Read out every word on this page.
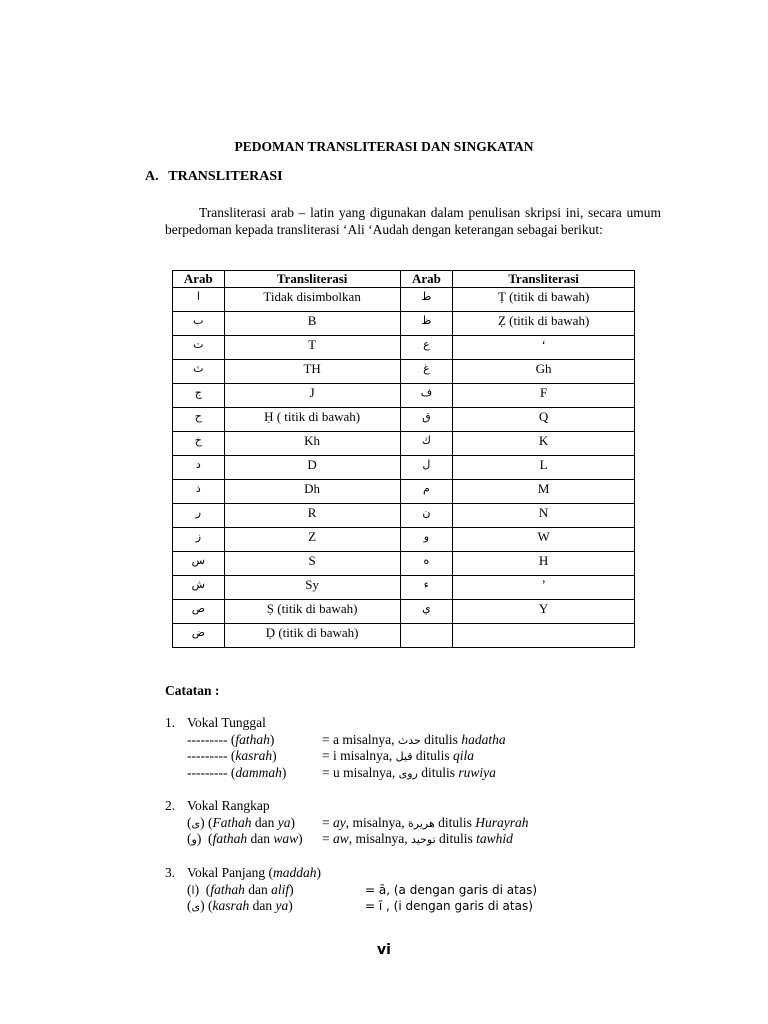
PEDOMAN TRANSLITERASI DAN SINGKATAN
A. TRANSLITERASI
Transliterasi arab – latin yang digunakan dalam penulisan skripsi ini, secara umum berpedoman kepada transliterasi ‘Ali ‘Audah dengan keterangan sebagai berikut:
Arab	Transliterasi	Arab	Transliterasi
ا	Tidak disimbolkan	ط	Ṭ (titik di bawah)
ب	B	ظ	Ẓ (titik di bawah)
ت	T	ع	‘
ث	TH	غ	Gh
ج	J	ف	F
ح	Ḥ ( titik di bawah)	ق	Q
خ	Kh	ك	K
د	D	ل	L
ذ	Dh	م	M
ر	R	ن	N
ز	Z	و	W
س	S	ه	H
ش	Sy	ء	’
ص	Ṣ (titik di bawah)	ي	Y
ض	Ḍ (titik di bawah)		
Catatan :
1. Vokal Tunggal
--------- (fathah)	= a misalnya, حدث ditulis hadatha
--------- (kasrah)	= i misalnya, قيل ditulis qila
--------- (dammah)	= u misalnya, روى ditulis ruwiya
2. Vokal Rangkap
(ى) (Fathah dan ya) = ay, misalnya, هريرة ditulis Hurayrah
(و)  (fathah dan waw) = aw, misalnya, توحيد ditulis tawhid
3. Vokal Panjang (maddah)
(ا)  (fathah dan alif)	= ā, (a dengan garis di atas)
(ى) (kasrah dan ya)	= ī , (i dengan garis di atas)
vi
